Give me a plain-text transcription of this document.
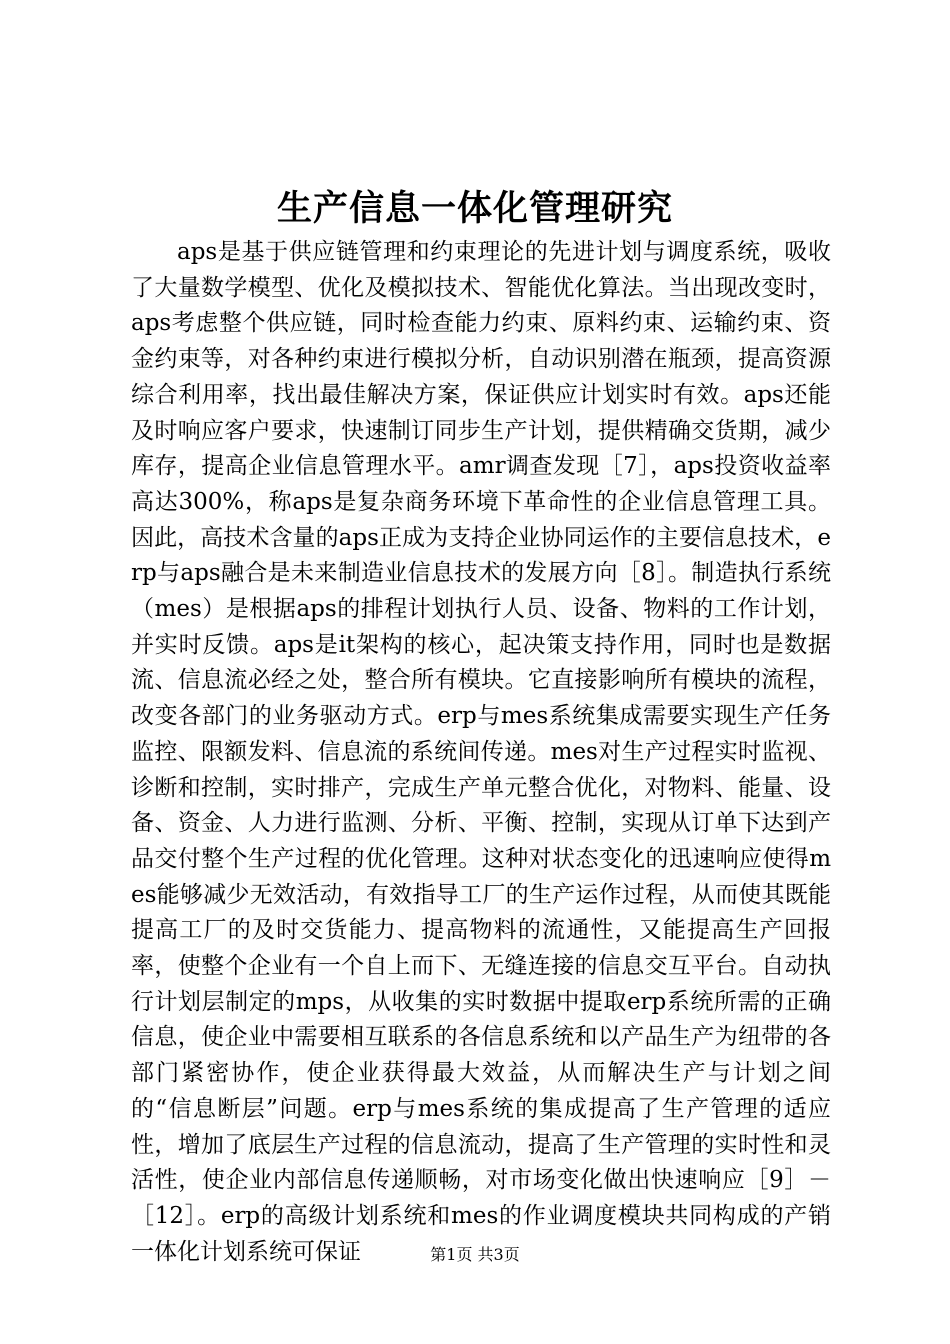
生产信息一体化管理研究

aps是基于供应链管理和约束理论的先进计划与调度系统，吸收了大量数学模型、优化及模拟技术、智能优化算法。当出现改变时，aps考虑整个供应链，同时检查能力约束、原料约束、运输约束、资金约束等，对各种约束进行模拟分析，自动识别潜在瓶颈，提高资源综合利用率，找出最佳解决方案，保证供应计划实时有效。aps还能及时响应客户要求，快速制订同步生产计划，提供精确交货期，减少库存，提高企业信息管理水平。amr调查发现［7］，aps投资收益率高达300%，称aps是复杂商务环境下革命性的企业信息管理工具。因此，高技术含量的aps正成为支持企业协同运作的主要信息技术，erp与aps融合是未来制造业信息技术的发展方向［8］。制造执行系统（mes）是根据aps的排程计划执行人员、设备、物料的工作计划，并实时反馈。aps是it架构的核心，起决策支持作用，同时也是数据流、信息流必经之处，整合所有模块。它直接影响所有模块的流程，改变各部门的业务驱动方式。erp与mes系统集成需要实现生产任务监控、限额发料、信息流的系统间传递。mes对生产过程实时监视、诊断和控制，实时排产，完成生产单元整合优化，对物料、能量、设备、资金、人力进行监测、分析、平衡、控制，实现从订单下达到产品交付整个生产过程的优化管理。这种对状态变化的迅速响应使得mes能够减少无效活动，有效指导工厂的生产运作过程，从而使其既能提高工厂的及时交货能力、提高物料的流通性，又能提高生产回报率，使整个企业有一个自上而下、无缝连接的信息交互平台。自动执行计划层制定的mps，从收集的实时数据中提取erp系统所需的正确信息，使企业中需要相互联系的各信息系统和以产品生产为纽带的各部门紧密协作，使企业获得最大效益，从而解决生产与计划之间的“信息断层”问题。erp与mes系统的集成提高了生产管理的适应性，增加了底层生产过程的信息流动，提高了生产管理的实时性和灵活性，使企业内部信息传递顺畅，对市场变化做出快速响应［9］－［12］。erp的高级计划系统和mes的作业调度模块共同构成的产销一体化计划系统可保证	第1页 共3页
